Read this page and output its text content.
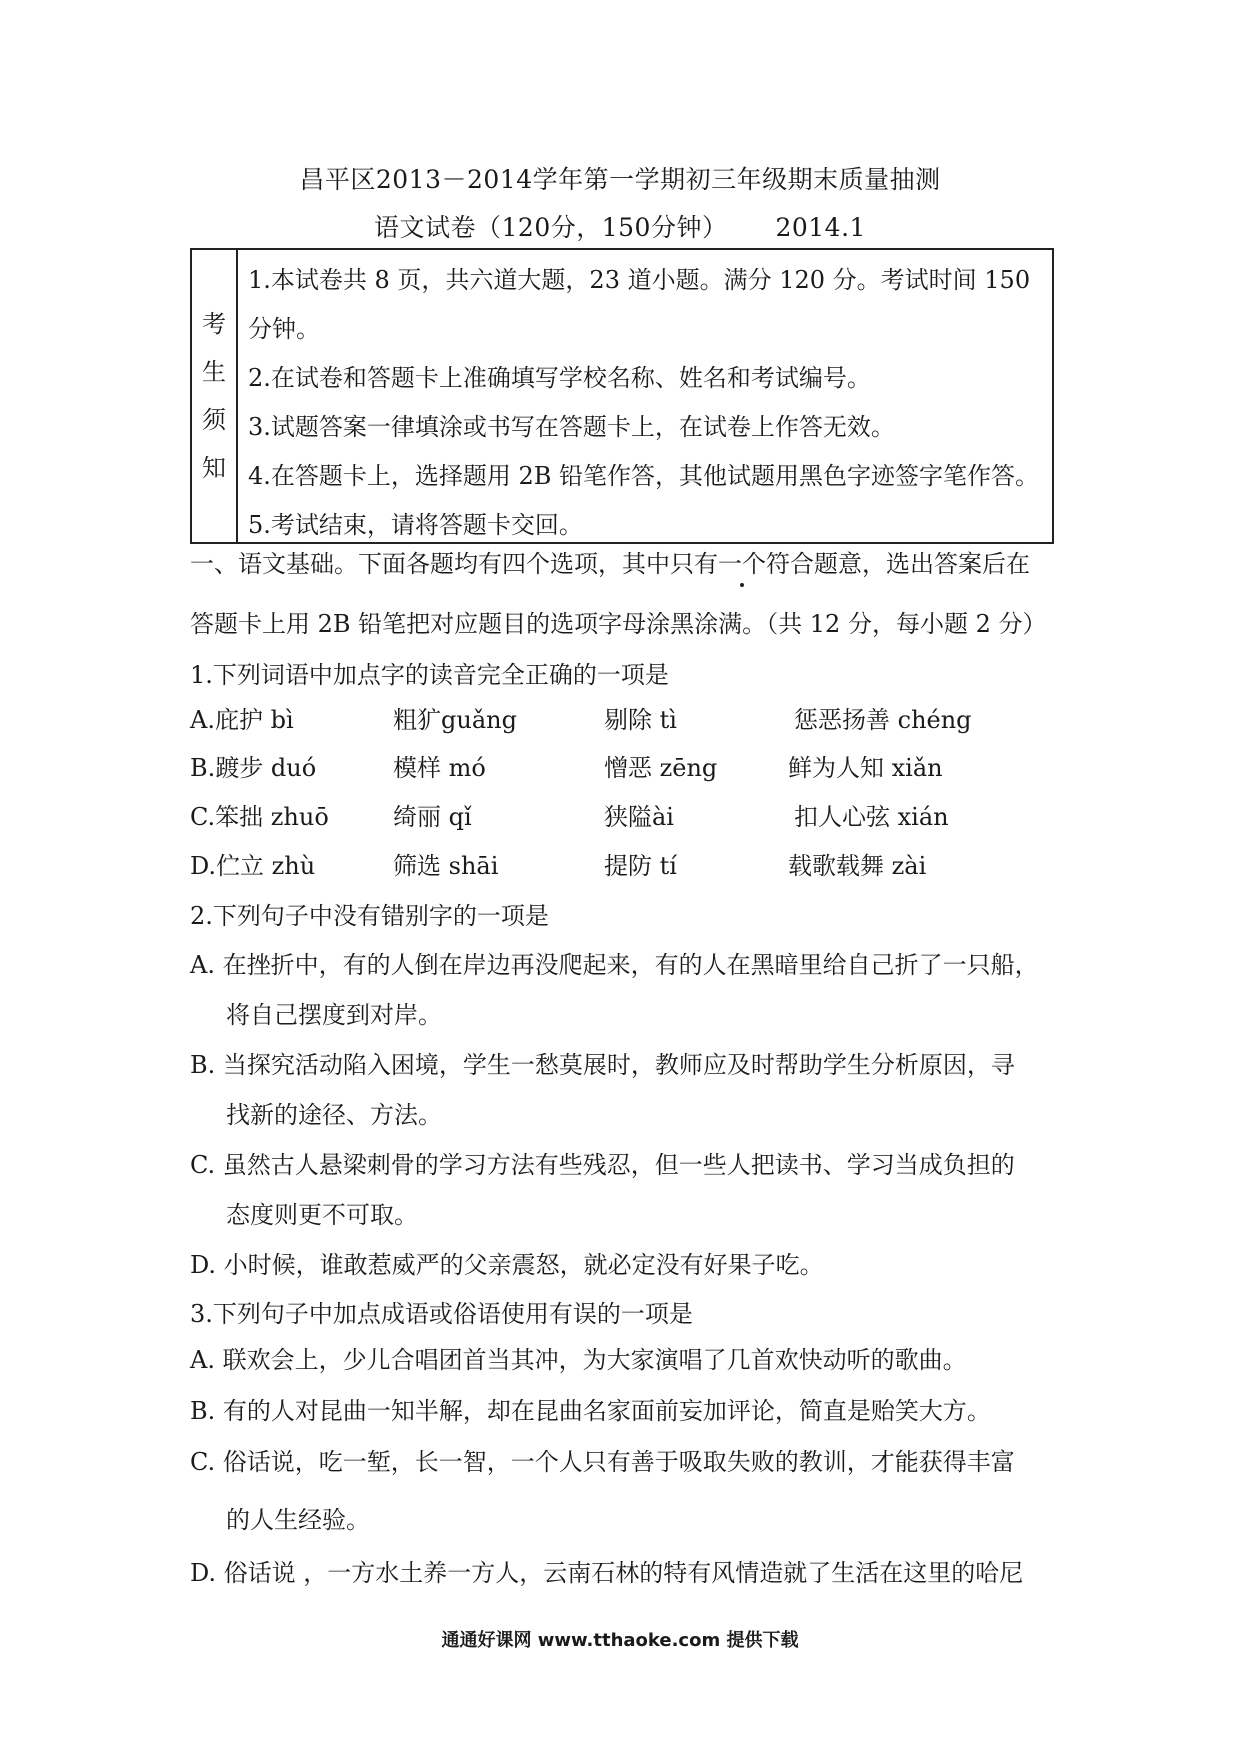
昌平区2013－2014学年第一学期初三年级期末质量抽测
语文试卷（120分，150分钟） 2014.1
考
生
须
知
1.本试卷共 8 页，共六道大题，23 道小题。满分 120 分。考试时间 150
分钟。
2.在试卷和答题卡上准确填写学校名称、姓名和考试编号。
3.试题答案一律填涂或书写在答题卡上，在试卷上作答无效。
4.在答题卡上，选择题用 2B 铅笔作答，其他试题用黑色字迹签字笔作答。
5.考试结束，请将答题卡交回。
一、语文基础。下面各题均有四个选项，其中只有一个符合题意，选出答案后在
答题卡上用 2B 铅笔把对应题目的选项字母涂黑涂满。（共 12 分，每小题 2 分）
1.下列词语中加点字的读音完全正确的一项是
A.庇护 bì	粗犷guǎng	剔除 tì	惩恶扬善 chéng
B.踱步 duó	模样 mó	憎恶 zēng	鲜为人知 xiǎn
C.笨拙 zhuō	绮丽 qǐ	狭隘ài	扣人心弦 xián
D.伫立 zhù	筛选 shāi	提防 tí	载歌载舞 zài
2.下列句子中没有错别字的一项是
A. 在挫折中，有的人倒在岸边再没爬起来，有的人在黑暗里给自己折了一只船，
将自己摆度到对岸。
B. 当探究活动陷入困境，学生一愁莫展时，教师应及时帮助学生分析原因，寻
找新的途径、方法。
C. 虽然古人悬梁刺骨的学习方法有些残忍，但一些人把读书、学习当成负担的
态度则更不可取。
D. 小时候，谁敢惹威严的父亲震怒，就必定没有好果子吃。
3.下列句子中加点成语或俗语使用有误的一项是
A. 联欢会上，少儿合唱团首当其冲，为大家演唱了几首欢快动听的歌曲。
B. 有的人对昆曲一知半解，却在昆曲名家面前妄加评论，简直是贻笑大方。
C. 俗话说，吃一堑，长一智，一个人只有善于吸取失败的教训，才能获得丰富
的人生经验。
D. 俗话说 ，一方水土养一方人，云南石林的特有风情造就了生活在这里的哈尼
通通好课网 www.tthaoke.com 提供下载
